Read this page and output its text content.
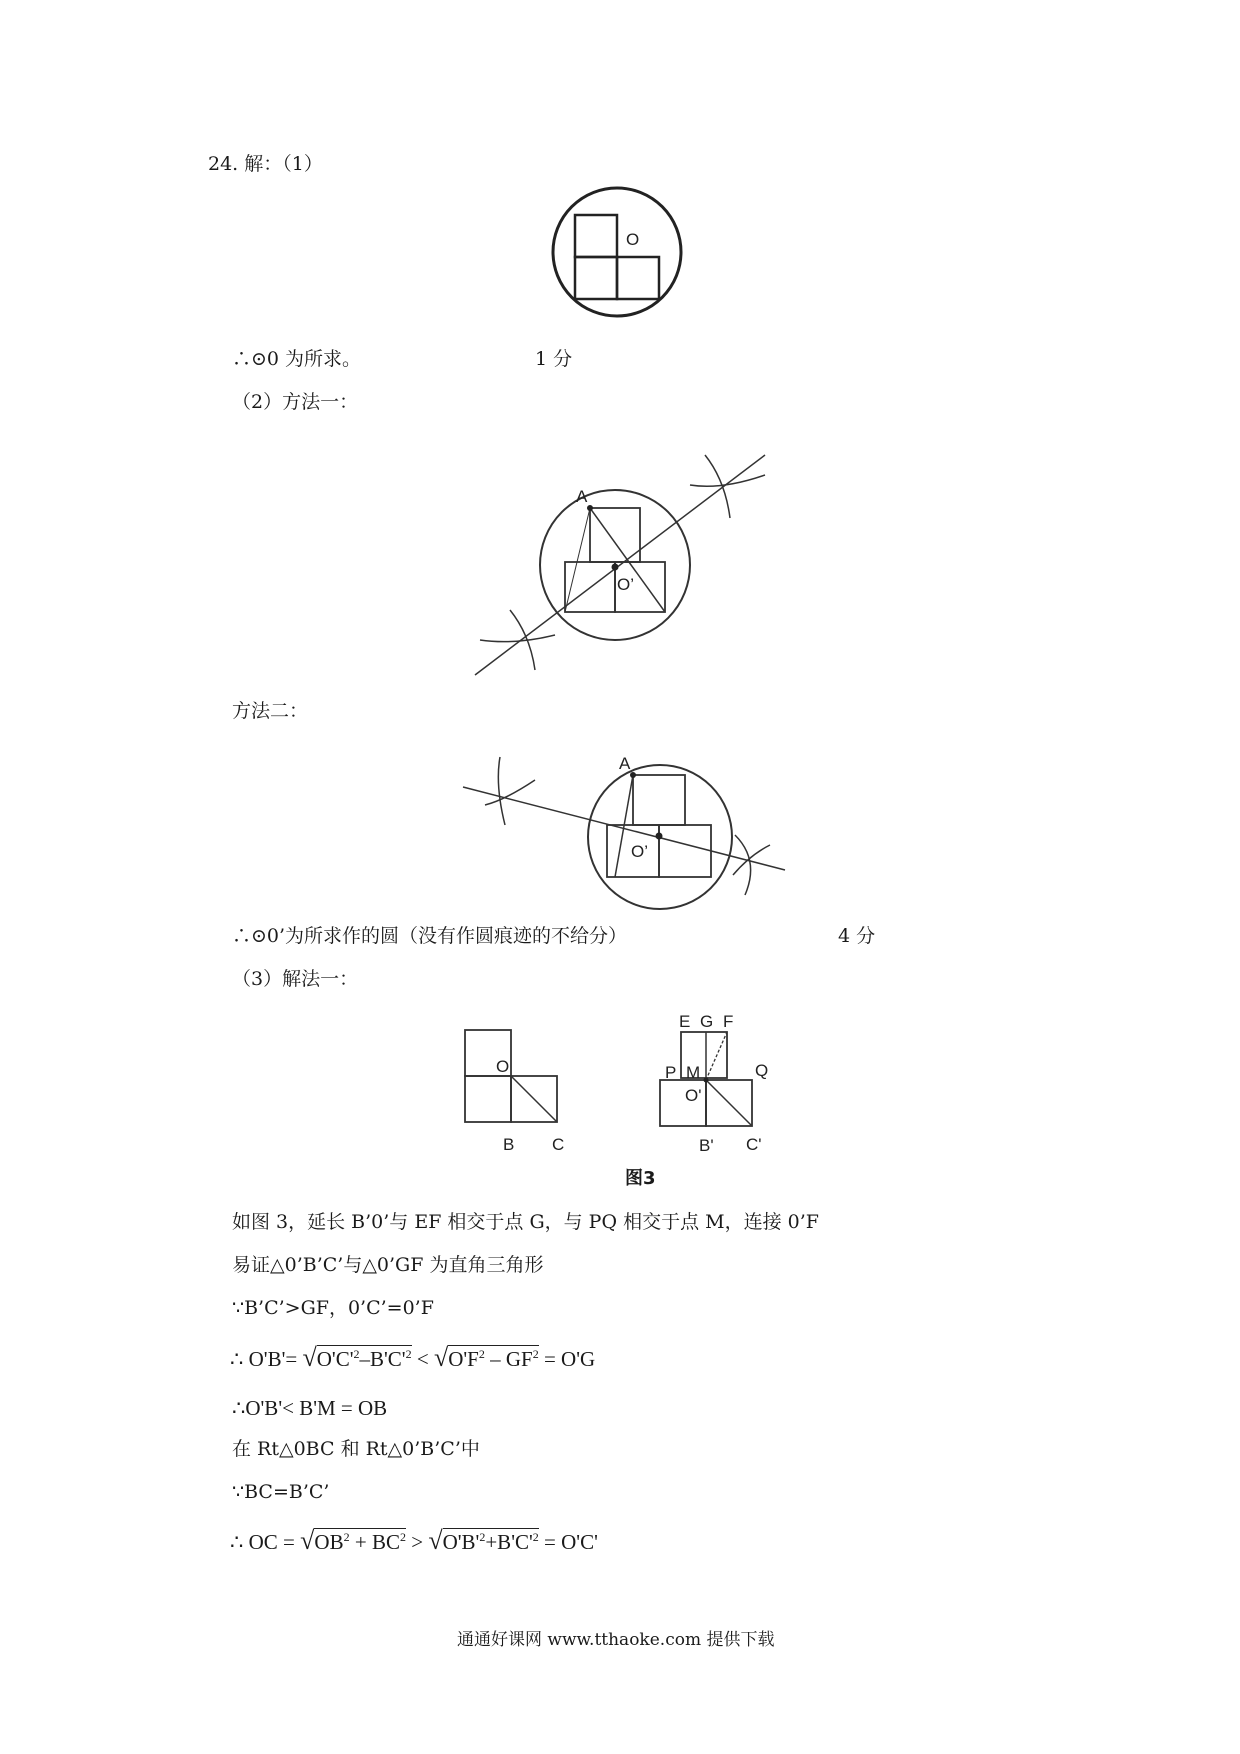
24. 解：（1）
O
∴⊙0 为所求。	1 分
（2）方法一：
A
O’
方法二：
A
O’
∴⊙0’为所求作的圆（没有作圆痕迹的不给分）	4 分
（3）解法一：
O
B C
E G F
P M	Q
O'
B' C'
图3
如图 3，延长 B’0’与 EF 相交于点 G，与 PQ 相交于点 M，连接 0’F
易证△0’B’C’与△0’GF 为直角三角形
∵B’C’>GF，0’C’=0’F
∴ $O'B'= √O'C'^2-B'C'^2 < √O'F^2 - GF^2 = O'G$
∴O'B'< B'M = OB
在 Rt△0BC 和 Rt△0’B’C’中
∵BC=B’C’
∴ OC = $√OB^2 + BC^2 > √O'B'^2+B'C'^2 = O'C'$
通通好课网 www.tthaoke.com 提供下载
